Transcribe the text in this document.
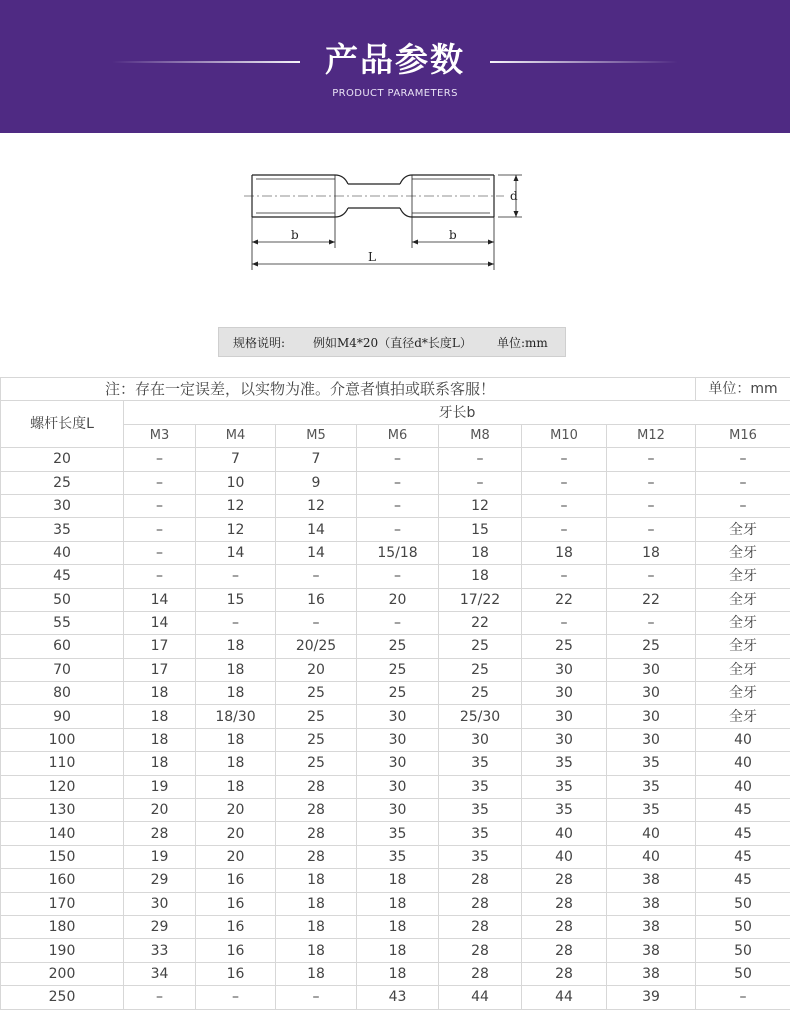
产品参数
PRODUCT PARAMETERS
d
b	b
L
规格说明: 例如M4*20（直径d*长度L） 单位:mm
注：存在一定误差，以实物为准。介意者慎拍或联系客服！								单位：mm
螺杆长度L	牙长b							
	M3	M4	M5	M6	M8	M10	M12	M16
20	–	7	7	–	–	–	–	–
25	–	10	9	–	–	–	–	–
30	–	12	12	–	12	–	–	–
35	–	12	14	–	15	–	–	全牙
40	–	14	14	15/18	18	18	18	全牙
45	–	–	–	–	18	–	–	全牙
50	14	15	16	20	17/22	22	22	全牙
55	14	–	–	–	22	–	–	全牙
60	17	18	20/25	25	25	25	25	全牙
70	17	18	20	25	25	30	30	全牙
80	18	18	25	25	25	30	30	全牙
90	18	18/30	25	30	25/30	30	30	全牙
100	18	18	25	30	30	30	30	40
110	18	18	25	30	35	35	35	40
120	19	18	28	30	35	35	35	40
130	20	20	28	30	35	35	35	45
140	28	20	28	35	35	40	40	45
150	19	20	28	35	35	40	40	45
160	29	16	18	18	28	28	38	45
170	30	16	18	18	28	28	38	50
180	29	16	18	18	28	28	38	50
190	33	16	18	18	28	28	38	50
200	34	16	18	18	28	28	38	50
250	–	–	–	43	44	44	39	–
